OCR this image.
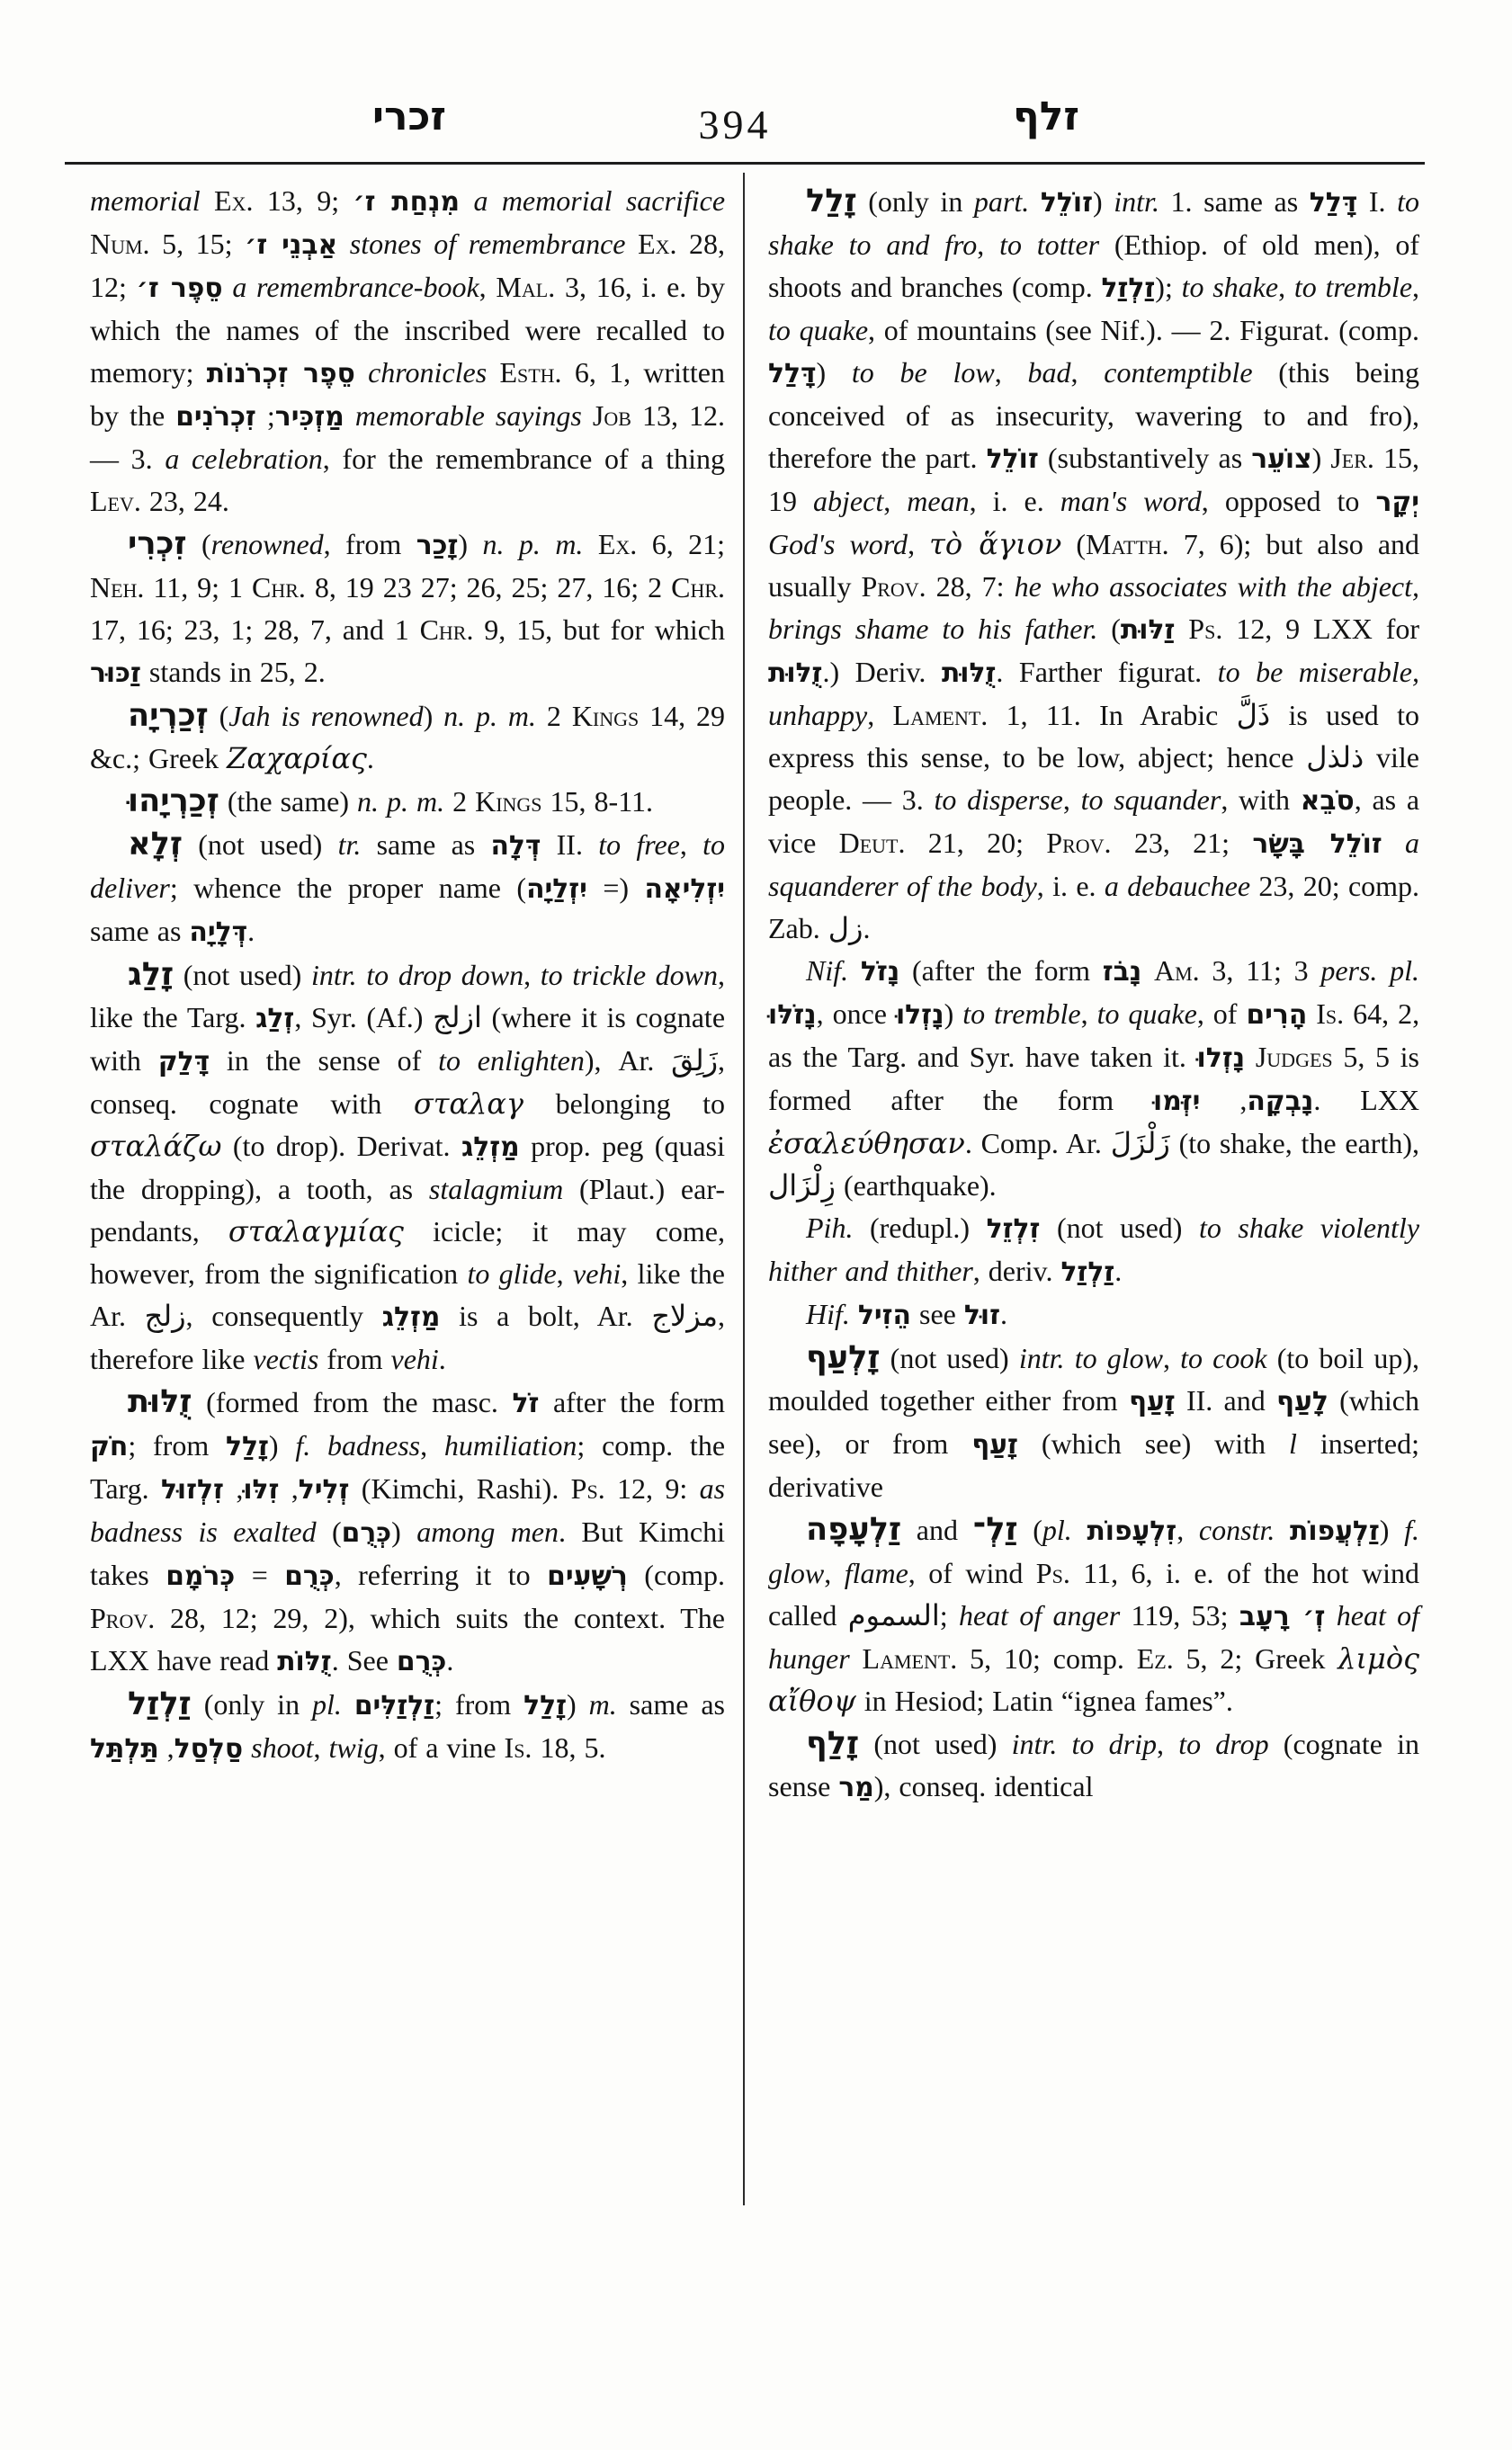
זכרי	394	זלף

memorial Ex. 13, 9; מִנְחַת ז׳ a memorial sacrifice Num. 5, 15; אַבְנֵי ז׳ stones of remembrance Ex. 28, 12; סֵפֶר ז׳ a remembrance-book, Mal. 3, 16, i. e. by which the names of the inscribed were recalled to memory; סֵפֶר זִכְרֹנוֹת chronicles Esth. 6, 1, written by the	מַזְכִּיר; זִכְרֹנִים	memorable sayings Job 13, 12. — 3. a celebration, for the remembrance of a thing Lev. 23, 24.

זִכְרִי (renowned, from זָכַר) n. p. m. Ex. 6, 21; Neh. 11, 9; 1 Chr. 8, 19 23 27; 26, 25; 27, 16; 2 Chr. 17, 16; 23, 1; 28, 7, and 1 Chr. 9, 15, but for which זַכּוּר stands in 25, 2.

זְכַרְיָה (Jah is renowned) n. p. m. 2 Kings 14, 29 &c.; Greek Ζαχαρίας.

זְכַרְיָהוּ (the same) n. p. m. 2 Kings 15, 8-11.

זְלָא (not used) tr. same as דְּלָה II. to free, to deliver; whence the proper name	יִזְלִיאָה (= יִזְלַיָה) same as דְּלָיָה.

זָלַג (not used) intr. to drop down, to trickle down, like the Targ. זְלַג, Syr. (Af.) ازلج (where it is cognate with דָּלַק in the sense of to enlighten), Ar. زَلِقَ, conseq. cognate with σταλαγ belonging to σταλάζω (to drop). Derivat. מַזְלֵג prop. peg (quasi the dropping), a tooth, as stalagmium (Plaut.) ear-pendants, σταλαγμίας icicle; it may come, however, from the signification to glide, vehi, like the Ar. زلج, consequently מַזְלֵג is a bolt, Ar. مزلاج, therefore like vectis from vehi.

זֻלּוּת (formed from the masc. זֹל after the form חֹק; from זָלַל) f. badness, humiliation; comp. the Targ.	זְלִיל, זִלּוּ, זִלְזוּל	(Kimchi, Rashi). Ps. 12, 9: as badness is exalted (כְּרֻם) among men. But Kimchi takes	כְּרֻם = כְּרֹמָם	, referring it to רְשָׁעִים (comp. Prov. 28, 12; 29, 2), which suits the context. The LXX have read זֻלּוֹת. See כְּרֻם.

זַלְזַל (only in pl. זַלְזַלִּים; from זָלַל) m. same as סַלְסַל, תַּלְתַּל	shoot, twig, of a vine Is. 18, 5.

זָלַל (only in part. זוֹלֵל) intr. 1. same as דָּלַל I. to shake to and fro, to totter (Ethiop. of old men), of shoots and branches (comp. זַלְזַל); to shake, to tremble, to quake, of mountains (see Nif.). — 2. Figurat. (comp. דָּלַל) to be low, bad, contemptible (this being conceived of as insecurity, wavering to and fro), therefore the part. זוֹלֵל (substantively as צוֹעֵר) Jer. 15, 19 abject, mean, i. e. man's word, opposed to יְקָר God's word, τὸ ἅγιον (Matth. 7, 6); but also and usually Prov. 28, 7: he who associates with the abject, brings shame to his father. (זַלּוּת Ps. 12, 9 LXX for זֻלּוּת.) Deriv. זֻלּוּת. Farther figurat. to be miserable, unhappy, Lament. 1, 11. In Arabic ذَلَّ is used to express this sense, to be low, abject; hence ذلذل vile people. — 3. to disperse, to squander, with סֹבֵא, as a vice Deut. 21, 20; Prov. 23, 21; זוֹלֵל בָּשָׂר a squanderer of the body, i. e. a debauchee 23, 20; comp. Zab. زل.

Nif. נָזֹל (after the form נָבֹז Am. 3, 11; 3 pers. pl. נָזֹלּוּ, once נָזְלוּ) to tremble, to quake, of הָרִים Is. 64, 2, as the Targ. and Syr. have taken it. נָזְלוּ Judges 5, 5 is formed after the form	נָבְקָה, יִזְּמוּ	. LXX ἐσαλεύθησαν. Comp. Ar. زَلْزَلَ (to shake, the earth), زِلْزَال (earthquake).

Pih. (redupl.) זִלְזֵל (not used) to shake violently hither and thither, deriv. זַלְזַל.

Hif. הֵזִיל see זוּל.

זָלְעַף (not used) intr. to glow, to cook (to boil up), moulded together either from זָעַף II. and לָעַף (which see), or from זָעַף (which see) with l inserted; derivative

זַלְעָפָה and זַלְ־ (pl. זִלְעָפוֹת, constr. זַלְעֲפוֹת) f. glow, flame, of wind Ps. 11, 6, i. e. of the hot wind called السموم; heat of anger 119, 53; זְ׳ רָעָב heat of hunger Lament. 5, 10; comp. Ez. 5, 2; Greek λιμὸς αἴθοψ in Hesiod; Latin “ignea fames”.

זָלַף (not used) intr. to drip, to drop (cognate in sense מַר), conseq. identical
